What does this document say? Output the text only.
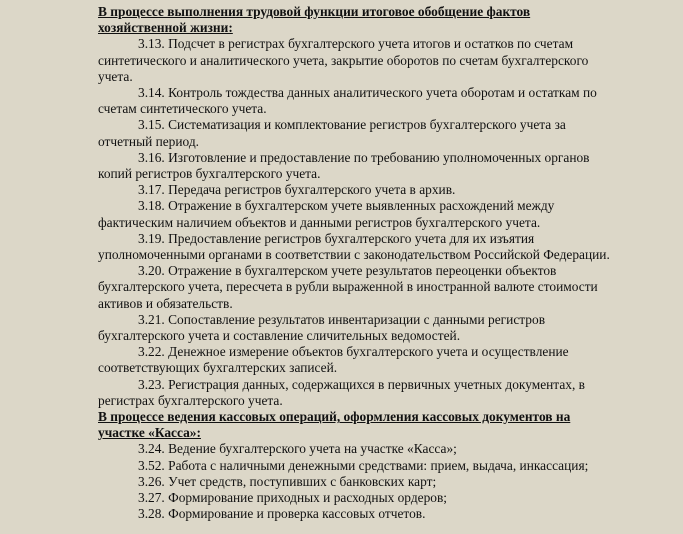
В процессе выполнения трудовой функции итоговое обобщение фактов хозяйственной жизни:
3.13. Подсчет в регистрах бухгалтерского учета итогов и остатков по счетам синтетического и аналитического учета, закрытие оборотов по счетам бухгалтерского учета.
3.14. Контроль тождества данных аналитического учета оборотам и остаткам по счетам синтетического учета.
3.15. Систематизация и комплектование регистров бухгалтерского учета за отчетный период.
3.16. Изготовление и предоставление по требованию уполномоченных органов копий регистров бухгалтерского учета.
3.17. Передача регистров бухгалтерского учета в архив.
3.18. Отражение в бухгалтерском учете выявленных расхождений между фактическим наличием объектов и данными регистров бухгалтерского учета.
3.19. Предоставление регистров бухгалтерского учета для их изъятия уполномоченными органами в соответствии с законодательством Российской Федерации.
3.20. Отражение в бухгалтерском учете результатов переоценки объектов бухгалтерского учета, пересчета в рубли выраженной в иностранной валюте стоимости активов и обязательств.
3.21. Сопоставление результатов инвентаризации с данными регистров бухгалтерского учета и составление сличительных ведомостей.
3.22. Денежное измерение объектов бухгалтерского учета и осуществление соответствующих бухгалтерских записей.
3.23. Регистрация данных, содержащихся в первичных учетных документах, в регистрах бухгалтерского учета.
В процессе ведения кассовых операций, оформления кассовых документов на участке «Касса»:
3.24. Ведение бухгалтерского учета на участке «Касса»;
3.52. Работа с наличными денежными средствами: прием, выдача, инкассация;
3.26. Учет средств, поступивших с банковских карт;
3.27. Формирование приходных и расходных ордеров;
3.28. Формирование и проверка кассовых отчетов.
